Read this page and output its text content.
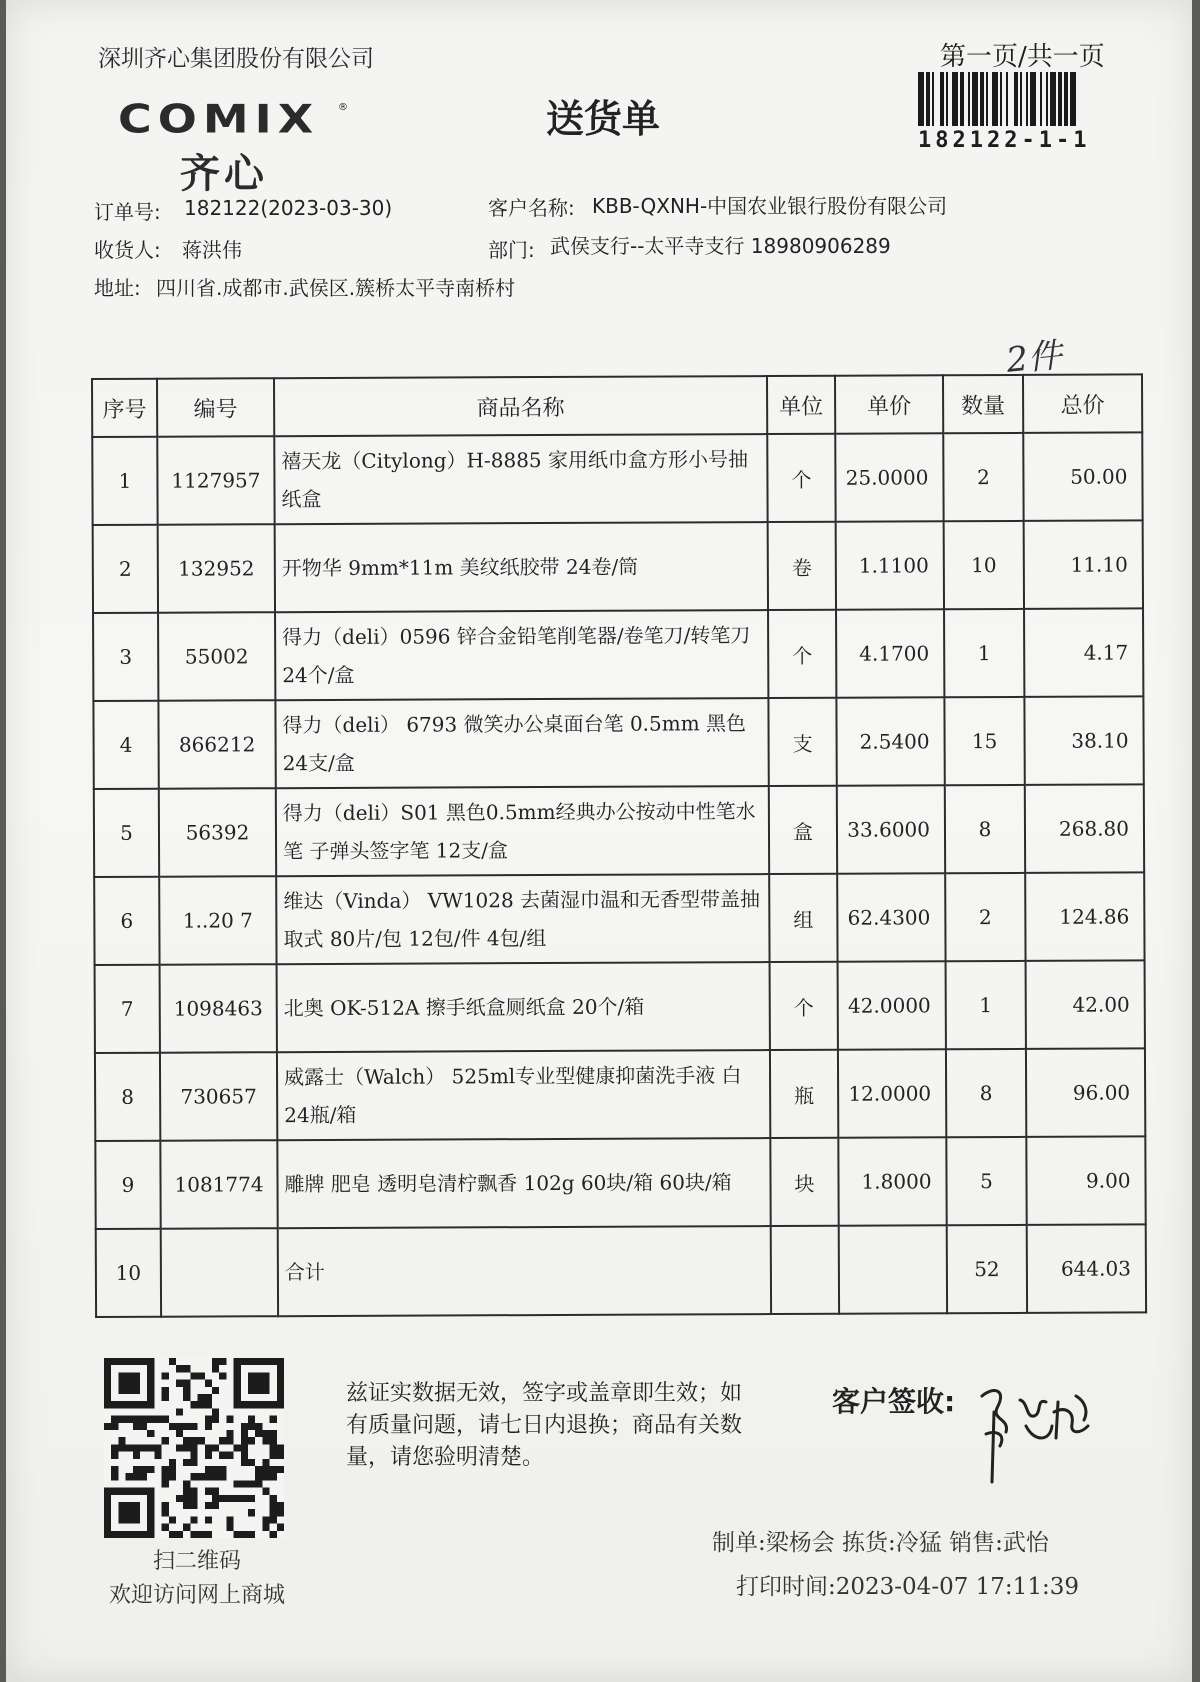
深圳齐心集团股份有限公司
COMIX ®
齐心
送货单
第一页/共一页
182122-1-1
订单号: 182122(2023-03-30)	客户名称: KBB-QXNH-中国农业银行股份有限公司
收货人: 蒋洪伟	部门: 武侯支行--太平寺支行 18980906289
地址: 四川省.成都市.武侯区.簇桥太平寺南桥村
2件
序号	编号	商品名称	单位	单价	数量	总价
1	1127957	禧天龙（Citylong）H-8885 家用纸巾盒方形小号抽纸盒	个	25.0000	2	50.00
2	132952	开物华 9mm*11m 美纹纸胶带 24卷/筒	卷	1.1100	10	11.10
3	55002	得力（deli）0596 锌合金铅笔削笔器/卷笔刀/转笔刀 24个/盒	个	4.1700	1	4.17
4	866212	得力（deli） 6793 微笑办公桌面台笔 0.5mm 黑色 24支/盒	支	2.5400	15	38.10
5	56392	得力（deli）S01 黑色0.5mm经典办公按动中性笔水笔 子弹头签字笔 12支/盒	盒	33.6000	8	268.80
6	1..20 7	维达（Vinda） VW1028 去菌湿巾温和无香型带盖抽取式 80片/包 12包/件 4包/组	组	62.4300	2	124.86
7	1098463	北奥 OK-512A 擦手纸盒厕纸盒 20个/箱	个	42.0000	1	42.00
8	730657	威露士（Walch） 525ml专业型健康抑菌洗手液 白 24瓶/箱	瓶	12.0000	8	96.00
9	1081774	雕牌 肥皂 透明皂清柠飘香 102g 60块/箱 60块/箱	块	1.8000	5	9.00
10		合计			52	644.03
扫二维码
欢迎访问网上商城
兹证实数据无效，签字或盖章即生效；如有质量问题，请七日内退换；商品有关数量，请您验明清楚。
客户签收:
制单:梁杨会 拣货:冷猛 销售:武怡
打印时间:2023-04-07 17:11:39
